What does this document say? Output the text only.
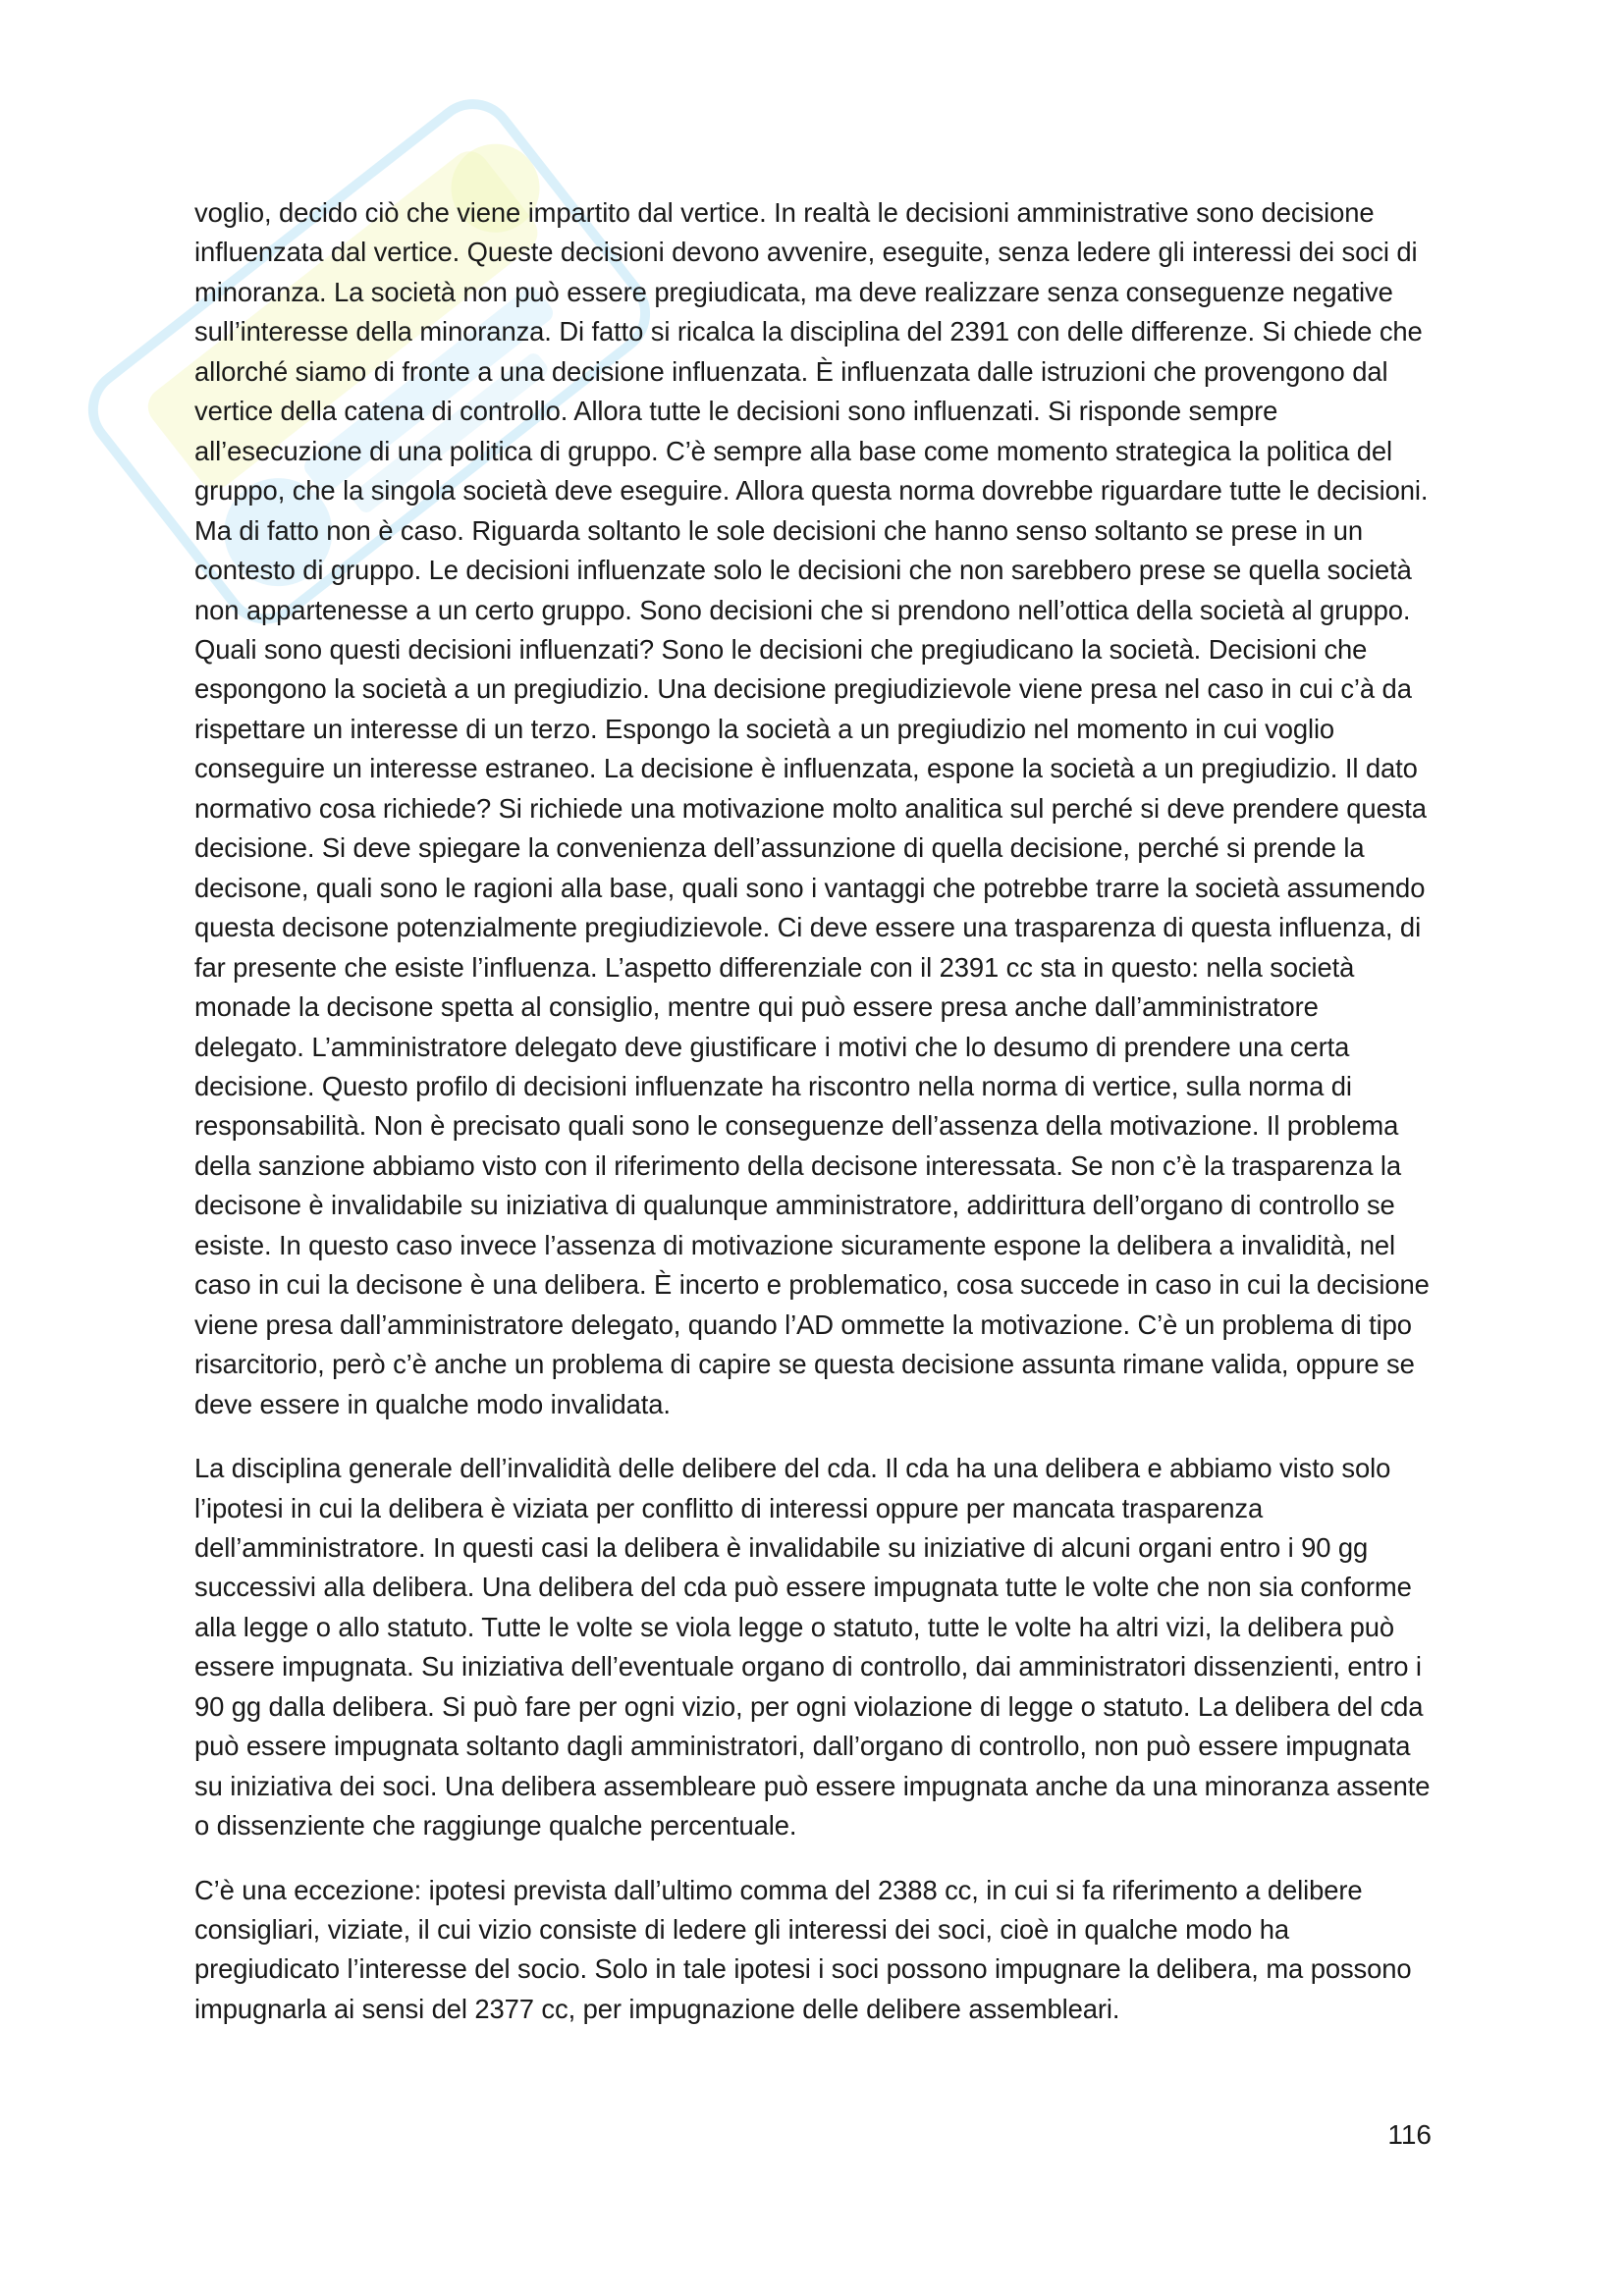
voglio, decido ciò che viene impartito dal vertice. In realtà le decisioni amministrative sono decisione influenzata dal vertice. Queste decisioni devono avvenire, eseguite, senza ledere gli interessi dei soci di minoranza. La società non può essere pregiudicata, ma deve realizzare senza conseguenze negative sull’interesse della minoranza. Di fatto si ricalca la disciplina del 2391 con delle differenze. Si chiede che allorché siamo di fronte a una decisione influenzata. È influenzata dalle istruzioni che provengono dal vertice della catena di controllo. Allora tutte le decisioni sono influenzati. Si risponde sempre all’esecuzione di una politica di gruppo. C’è sempre alla base come momento strategica la politica del gruppo, che la singola società deve eseguire. Allora questa norma dovrebbe riguardare tutte le decisioni. Ma di fatto non è caso. Riguarda soltanto le sole decisioni che hanno senso soltanto se prese in un contesto di gruppo. Le decisioni influenzate solo le decisioni che non sarebbero prese se quella società non appartenesse a un certo gruppo. Sono decisioni che si prendono nell’ottica della società al gruppo. Quali sono questi decisioni influenzati? Sono le decisioni che pregiudicano la società. Decisioni che espongono la società a un pregiudizio. Una decisione pregiudizievole viene presa nel caso in cui c’à da rispettare un interesse di un terzo. Espongo la società a un pregiudizio nel momento in cui voglio conseguire un interesse estraneo. La decisione è influenzata, espone la società a un pregiudizio. Il dato normativo cosa richiede? Si richiede una motivazione molto analitica sul perché si deve prendere questa decisione. Si deve spiegare la convenienza dell’assunzione di quella decisione, perché si prende la decisone, quali sono le ragioni alla base, quali sono i vantaggi che potrebbe trarre la società assumendo questa decisone potenzialmente pregiudizievole. Ci deve essere una trasparenza di questa influenza, di far presente che esiste l’influenza. L’aspetto differenziale con il 2391 cc sta in questo: nella società monade la decisone spetta al consiglio, mentre qui può essere presa anche dall’amministratore delegato. L’amministratore delegato deve giustificare i motivi che lo desumo di prendere una certa decisione. Questo profilo di decisioni influenzate ha riscontro nella norma di vertice, sulla norma di responsabilità. Non è precisato quali sono le conseguenze dell’assenza della motivazione. Il problema della sanzione abbiamo visto con il riferimento della decisone interessata. Se non c’è la trasparenza la decisone è invalidabile su iniziativa di qualunque amministratore, addirittura dell’organo di controllo se esiste. In questo caso invece l’assenza di motivazione sicuramente espone la delibera a invalidità, nel caso in cui la decisone è una delibera. È incerto e problematico, cosa succede in caso in cui la decisione viene presa dall’amministratore delegato, quando l’AD ommette la motivazione. C’è un problema di tipo risarcitorio, però c’è anche un problema di capire se questa decisione assunta rimane valida, oppure se deve essere in qualche modo invalidata.

La disciplina generale dell’invalidità delle delibere del cda. Il cda ha una delibera e abbiamo visto solo l’ipotesi in cui la delibera è viziata per conflitto di interessi oppure per mancata trasparenza dell’amministratore. In questi casi la delibera è invalidabile su iniziative di alcuni organi entro i 90 gg successivi alla delibera. Una delibera del cda può essere impugnata tutte le volte che non sia conforme alla legge o allo statuto. Tutte le volte se viola legge o statuto, tutte le volte ha altri vizi, la delibera può essere impugnata. Su iniziativa dell’eventuale organo di controllo, dai amministratori dissenzienti, entro i 90 gg dalla delibera. Si può fare per ogni vizio, per ogni violazione di legge o statuto. La delibera del cda può essere impugnata soltanto dagli amministratori, dall’organo di controllo, non può essere impugnata su iniziativa dei soci. Una delibera assembleare può essere impugnata anche da una minoranza assente o dissenziente che raggiunge qualche percentuale.

C’è una eccezione: ipotesi prevista dall’ultimo comma del 2388 cc, in cui si fa riferimento a delibere consigliari, viziate, il cui vizio consiste di ledere gli interessi dei soci, cioè in qualche modo ha pregiudicato l’interesse del socio. Solo in tale ipotesi i soci possono impugnare la delibera, ma possono impugnarla ai sensi del 2377 cc, per impugnazione delle delibere assembleari.

116
